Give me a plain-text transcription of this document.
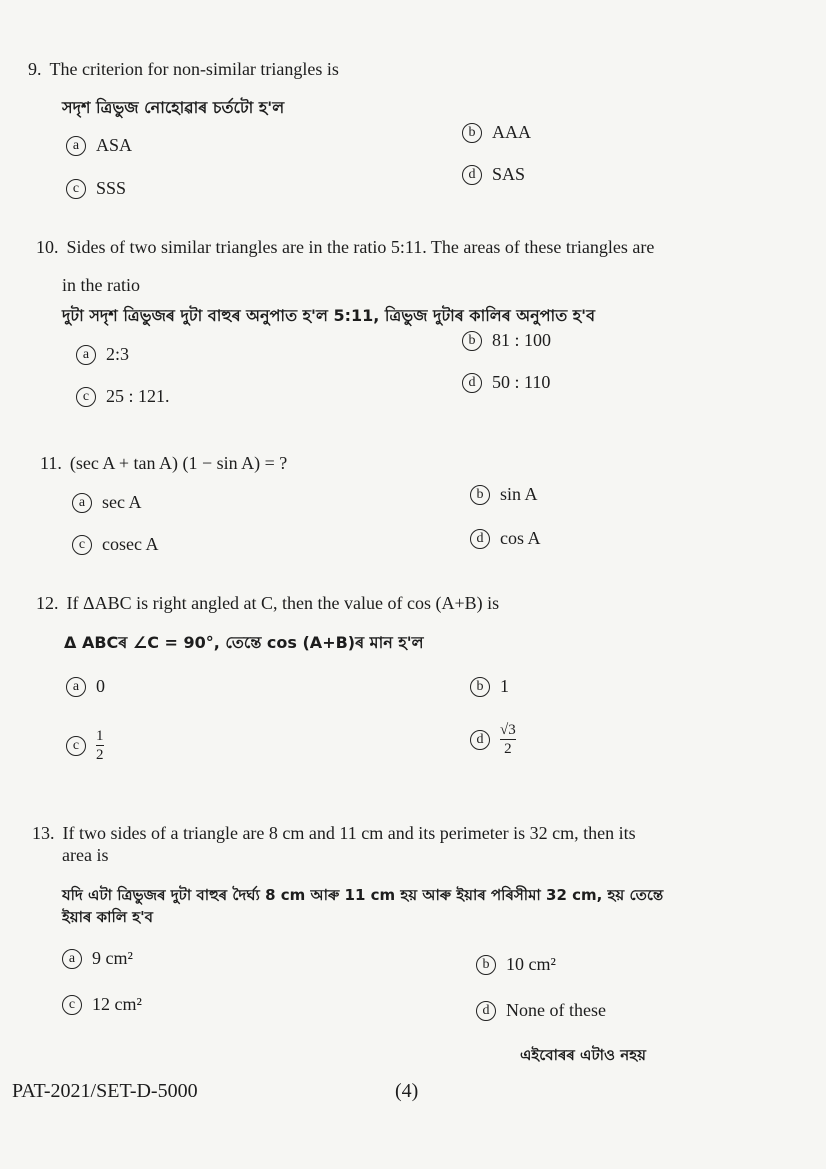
9. The criterion for non-similar triangles is
সদৃশ ত্ৰিভুজ নোহোৱাৰ চৰ্তটো হ'ল
a ASA
b AAA
c SSS
d SAS
10. Sides of two similar triangles are in the ratio 5:11. The areas of these triangles are
in the ratio
দুটা সদৃশ ত্ৰিভুজৰ দুটা বাহুৰ অনুপাত হ'ল 5:11, ত্ৰিভুজ দুটাৰ কালিৰ অনুপাত হ'ব
a 2:3
b 81 : 100
c 25 : 121.
d 50 : 110
11. (sec A + tan A) (1 − sin A) = ?
a sec A	b sin A
c cosec A	d cos A
12. If ΔABC is right angled at C, then the value of cos (A+B) is
Δ ABCৰ ∠C = 90°, তেন্তে cos (A+B)ৰ মান হ'ল
a 0	b 1
c	$\frac{1}{2}$	d	$\frac{√3}{2}$
13. If two sides of a triangle are 8 cm and 11 cm and its perimeter is 32 cm, then its
area is
যদি এটা ত্ৰিভুজৰ দুটা বাহুৰ দৈৰ্ঘ্য 8 cm আৰু 11 cm হয় আৰু ইয়াৰ পৰিসীমা 32 cm, হয় তেন্তে
ইয়াৰ কালি হ'ব
a 9 cm²	b 10 cm²
c 12 cm²	d None of these
এইবোৰৰ এটাও নহয়
PAT-2021/SET-D-5000	(4)
